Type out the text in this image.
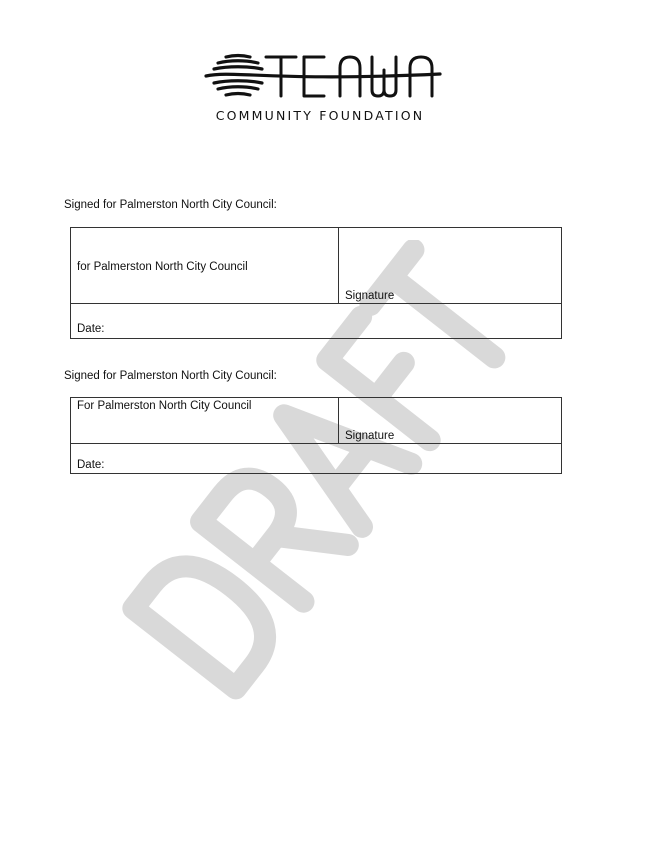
COMMUNITY FOUNDATION
Signed for Palmerston North City Council:
for Palmerston North City Council
Signature
Date:
Signed for Palmerston North City Council:
For Palmerston North City Council
Signature
Date:
